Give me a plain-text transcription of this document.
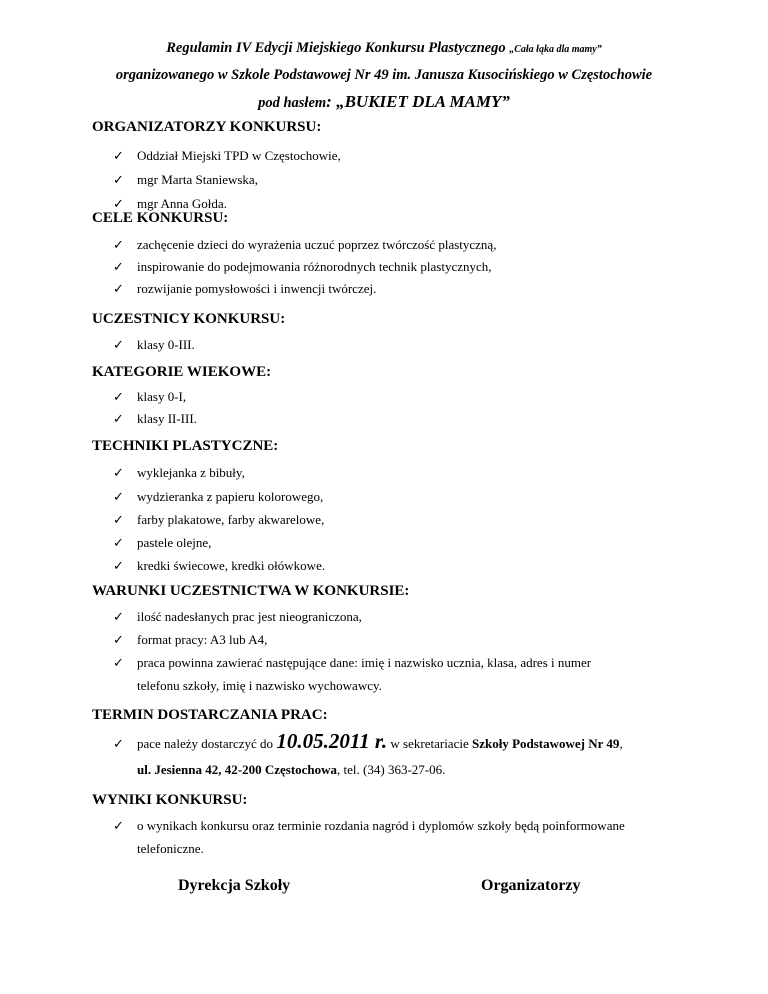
Regulamin IV Edycji Miejskiego Konkursu Plastycznego „Cała łąka dla mamy”
organizowanego w Szkole Podstawowej Nr 49 im. Janusza Kusocińskiego w Częstochowie
pod hasłem: „BUKIET DLA MAMY”
ORGANIZATORZY KONKURSU:
✓ Oddział Miejski TPD w Częstochowie,
✓ mgr Marta Staniewska,
✓ mgr Anna Gołda.
CELE KONKURSU:
✓ zachęcenie dzieci do wyrażenia uczuć poprzez twórczość plastyczną,
✓ inspirowanie do podejmowania różnorodnych technik plastycznych,
✓ rozwijanie pomysłowości i inwencji twórczej.
UCZESTNICY KONKURSU:
✓ klasy 0-III.
KATEGORIE WIEKOWE:
✓ klasy 0-I,
✓ klasy II-III.
TECHNIKI PLASTYCZNE:
✓ wyklejanka z bibuły,
✓ wydzieranka z papieru kolorowego,
✓ farby plakatowe, farby akwarelowe,
✓ pastele olejne,
✓ kredki świecowe, kredki ołówkowe.
WARUNKI UCZESTNICTWA W KONKURSIE:
✓ ilość nadesłanych prac jest nieograniczona,
✓ format pracy: A3 lub A4,
✓ praca powinna zawierać następujące dane: imię i nazwisko ucznia, klasa, adres i numer
telefonu szkoły, imię i nazwisko wychowawcy.
TERMIN DOSTARCZANIA PRAC:
✓ pace należy dostarczyć do 10.05.2011 r. w sekretariacie Szkoły Podstawowej Nr 49,
ul. Jesienna 42, 42-200 Częstochowa, tel. (34) 363-27-06.
WYNIKI KONKURSU:
✓ o wynikach konkursu oraz terminie rozdania nagród i dyplomów szkoły będą poinformowane
telefoniczne.
Dyrekcja Szkoły	Organizatorzy
